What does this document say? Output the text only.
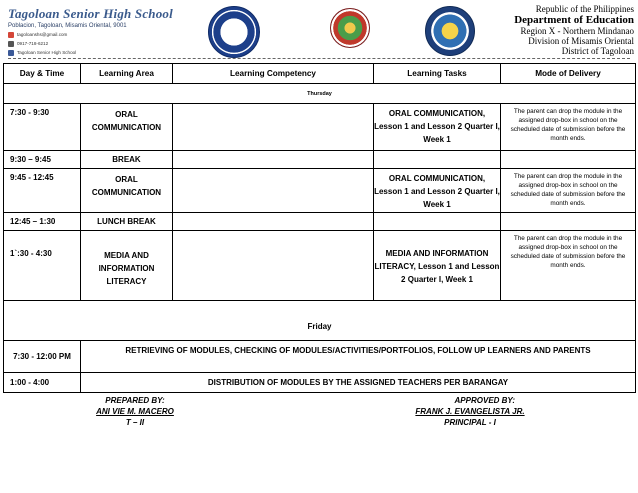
Tagoloan Senior High School
Poblacion, Tagoloan, Misamis Oriental, 9001
tagoloanshs@gmail.com
0917-718-6212
Tagoloan Senior High School
Republic of the Philippines
Department of Education
Region X - Northern Mindanao
Division of Misamis Oriental
District of Tagoloan
Day & Time	Learning Area	Learning Competency	Learning Tasks	Mode of Delivery
Thursday				
7:30 - 9:30	ORAL COMMUNICATION		ORAL COMMUNICATION, Lesson 1 and Lesson 2 Quarter I, Week 1	The parent can drop the module in the assigned drop-box in school on the scheduled date of submission before the month ends.
9:30 – 9:45	BREAK			
9:45 - 12:45	ORAL COMMUNICATION		ORAL COMMUNICATION, Lesson 1 and Lesson 2 Quarter I, Week 1	The parent can drop the module in the assigned drop-box in school on the scheduled date of submission before the month ends.
12:45 – 1:30	LUNCH BREAK			
1`:30 - 4:30	MEDIA AND INFORMATION LITERACY		MEDIA AND INFORMATION LITERACY, Lesson 1 and Lesson 2 Quarter I, Week 1	The parent can drop the module in the assigned drop-box in school on the scheduled date of submission before the month ends.
Friday				
7:30 - 12:00 PM	RETRIEVING OF MODULES, CHECKING OF MODULES/ACTIVITIES/PORTFOLIOS, FOLLOW UP LEARNERS AND PARENTS			
1:00 - 4:00	DISTRIBUTION OF MODULES BY THE ASSIGNED TEACHERS PER BARANGAY			
PREPARED BY:
ANI VIE M. MACERO
T – II
APPROVED BY:
FRANK J. EVANGELISTA JR.
PRINCIPAL - I
